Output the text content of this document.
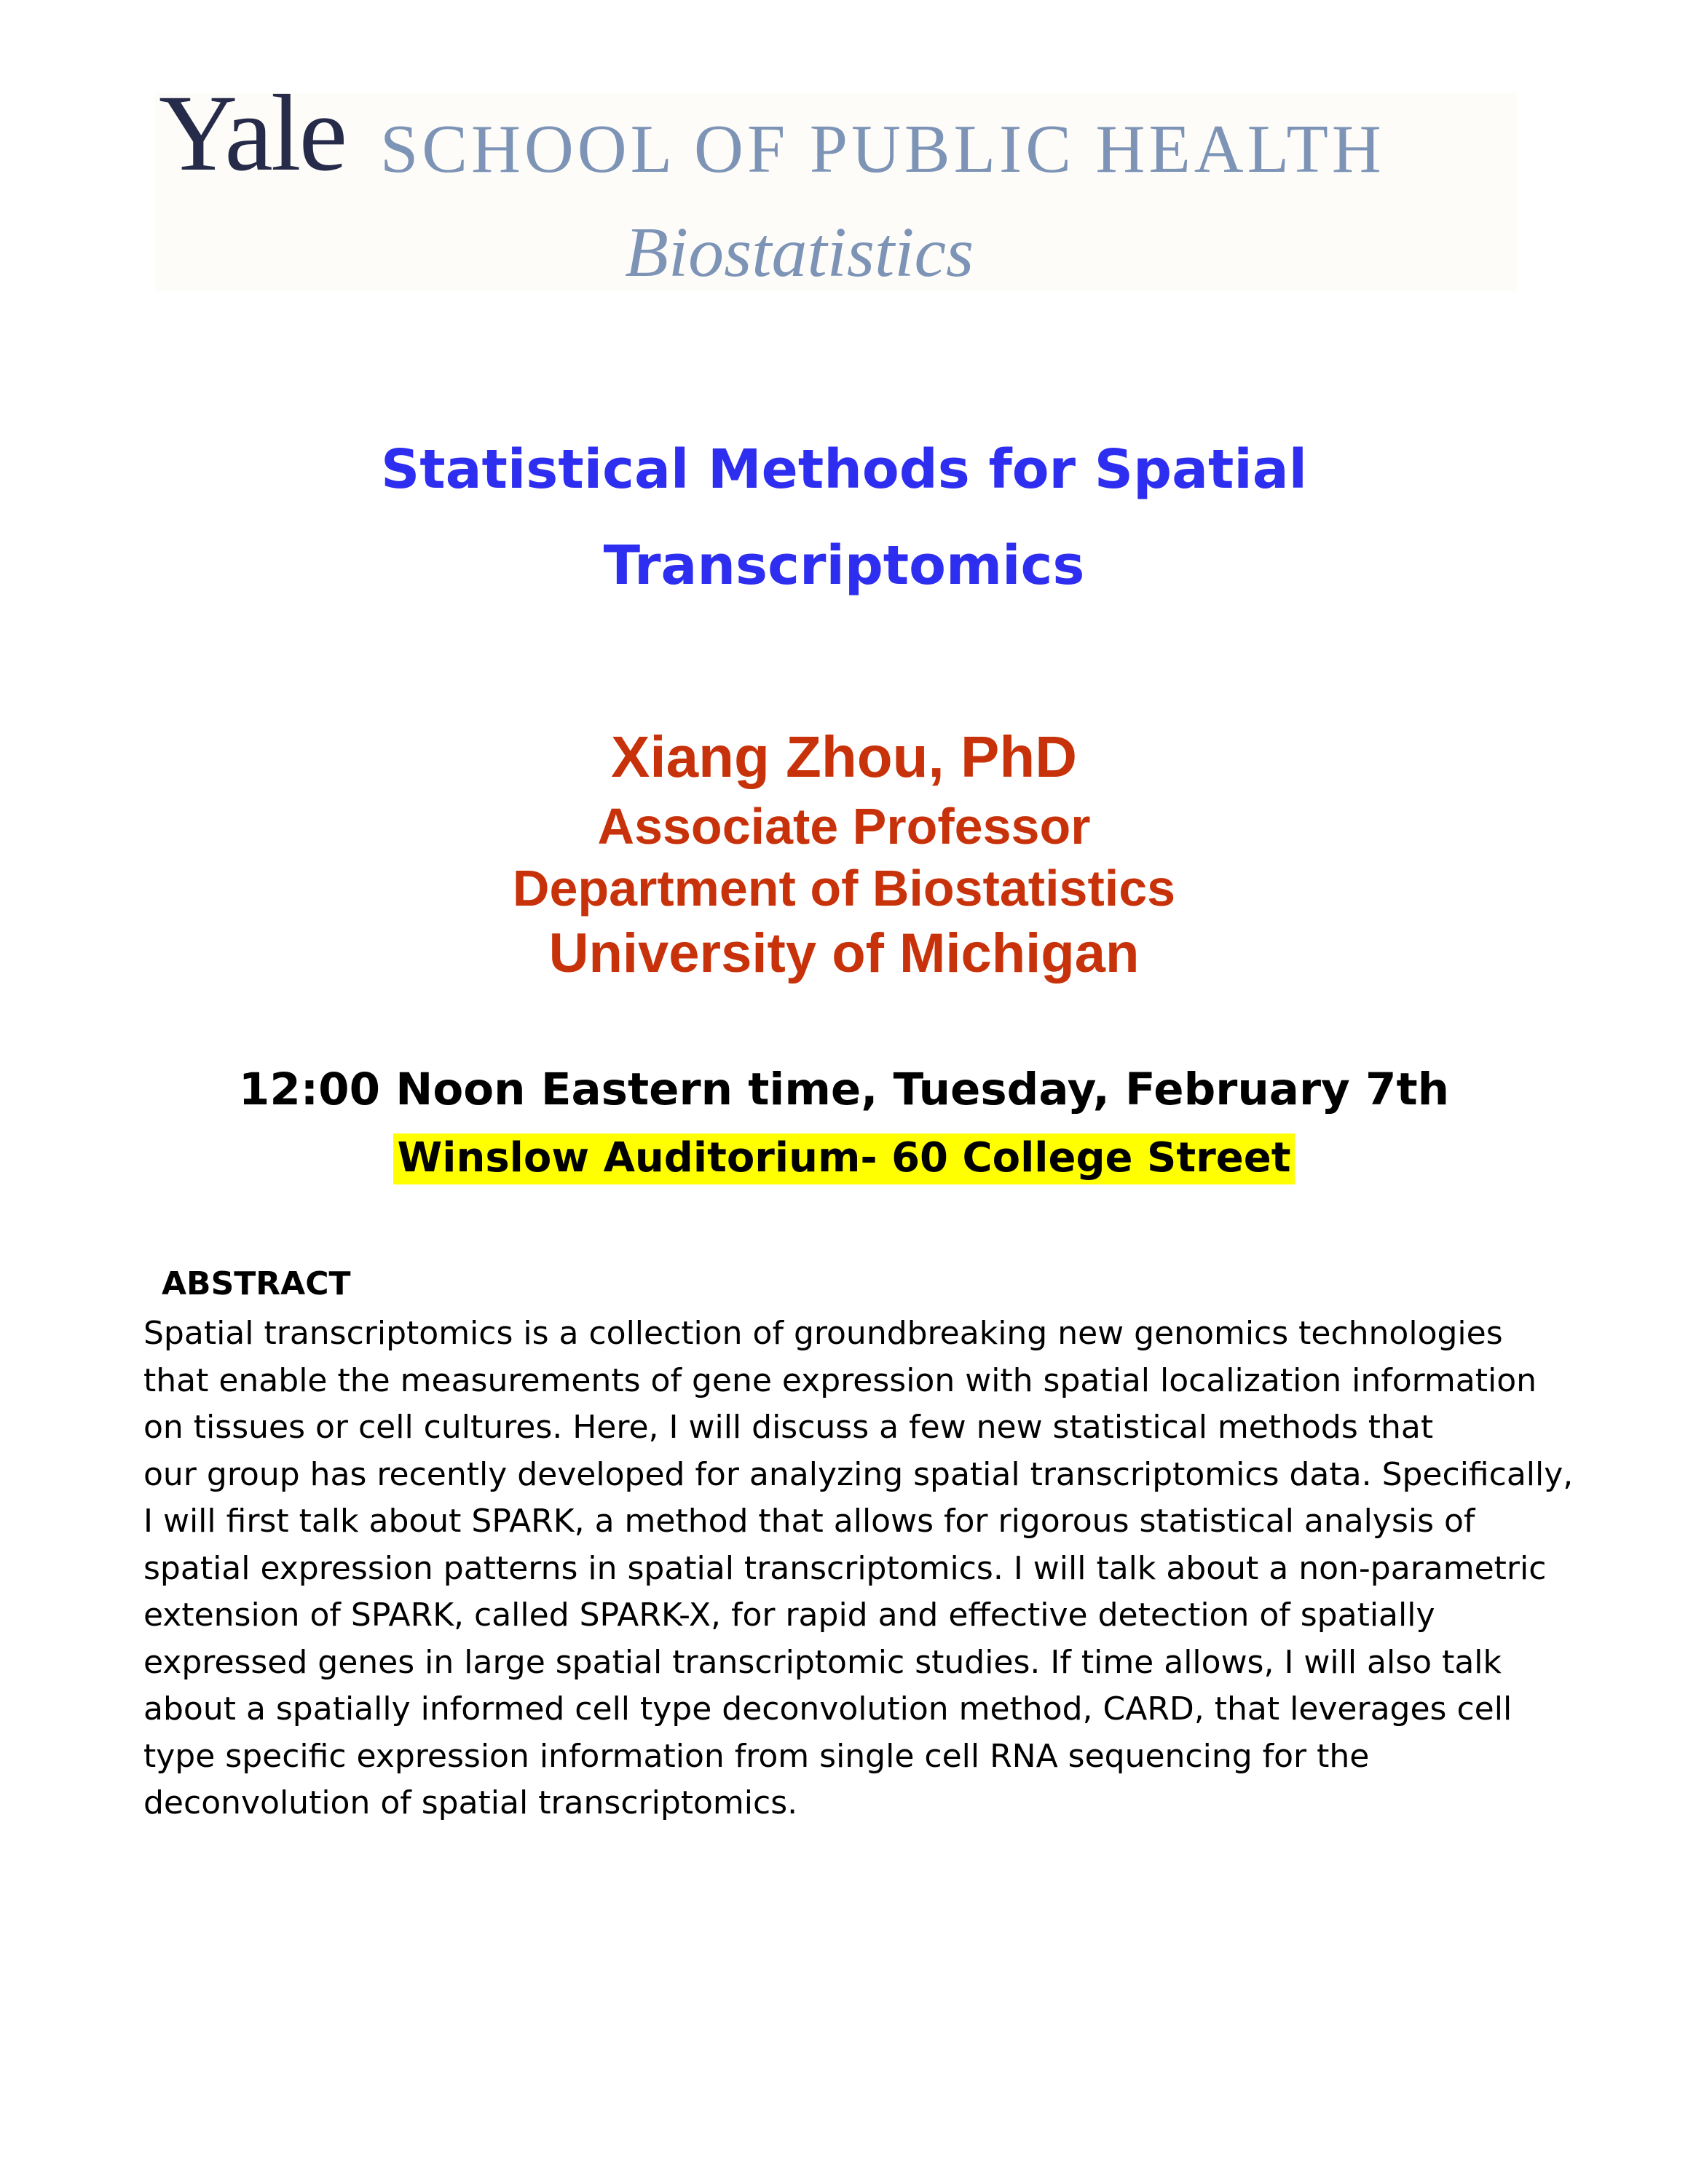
Yale SCHOOL OF PUBLIC HEALTH
Biostatistics
Statistical Methods for Spatial
Transcriptomics
Xiang Zhou, PhD
Associate Professor
Department of Biostatistics
University of Michigan
12:00 Noon Eastern time, Tuesday, February 7th
Winslow Auditorium- 60 College Street
ABSTRACT
Spatial transcriptomics is a collection of groundbreaking new genomics technologies
that enable the measurements of gene expression with spatial localization information
on tissues or cell cultures. Here, I will discuss a few new statistical methods that
our group has recently developed for analyzing spatial transcriptomics data. Specifically,
I will first talk about SPARK, a method that allows for rigorous statistical analysis of
spatial expression patterns in spatial transcriptomics. I will talk about a non-parametric
extension of SPARK, called SPARK-X, for rapid and effective detection of spatially
expressed genes in large spatial transcriptomic studies. If time allows, I will also talk
about a spatially informed cell type deconvolution method, CARD, that leverages cell
type specific expression information from single cell RNA sequencing for the
deconvolution of spatial transcriptomics.
